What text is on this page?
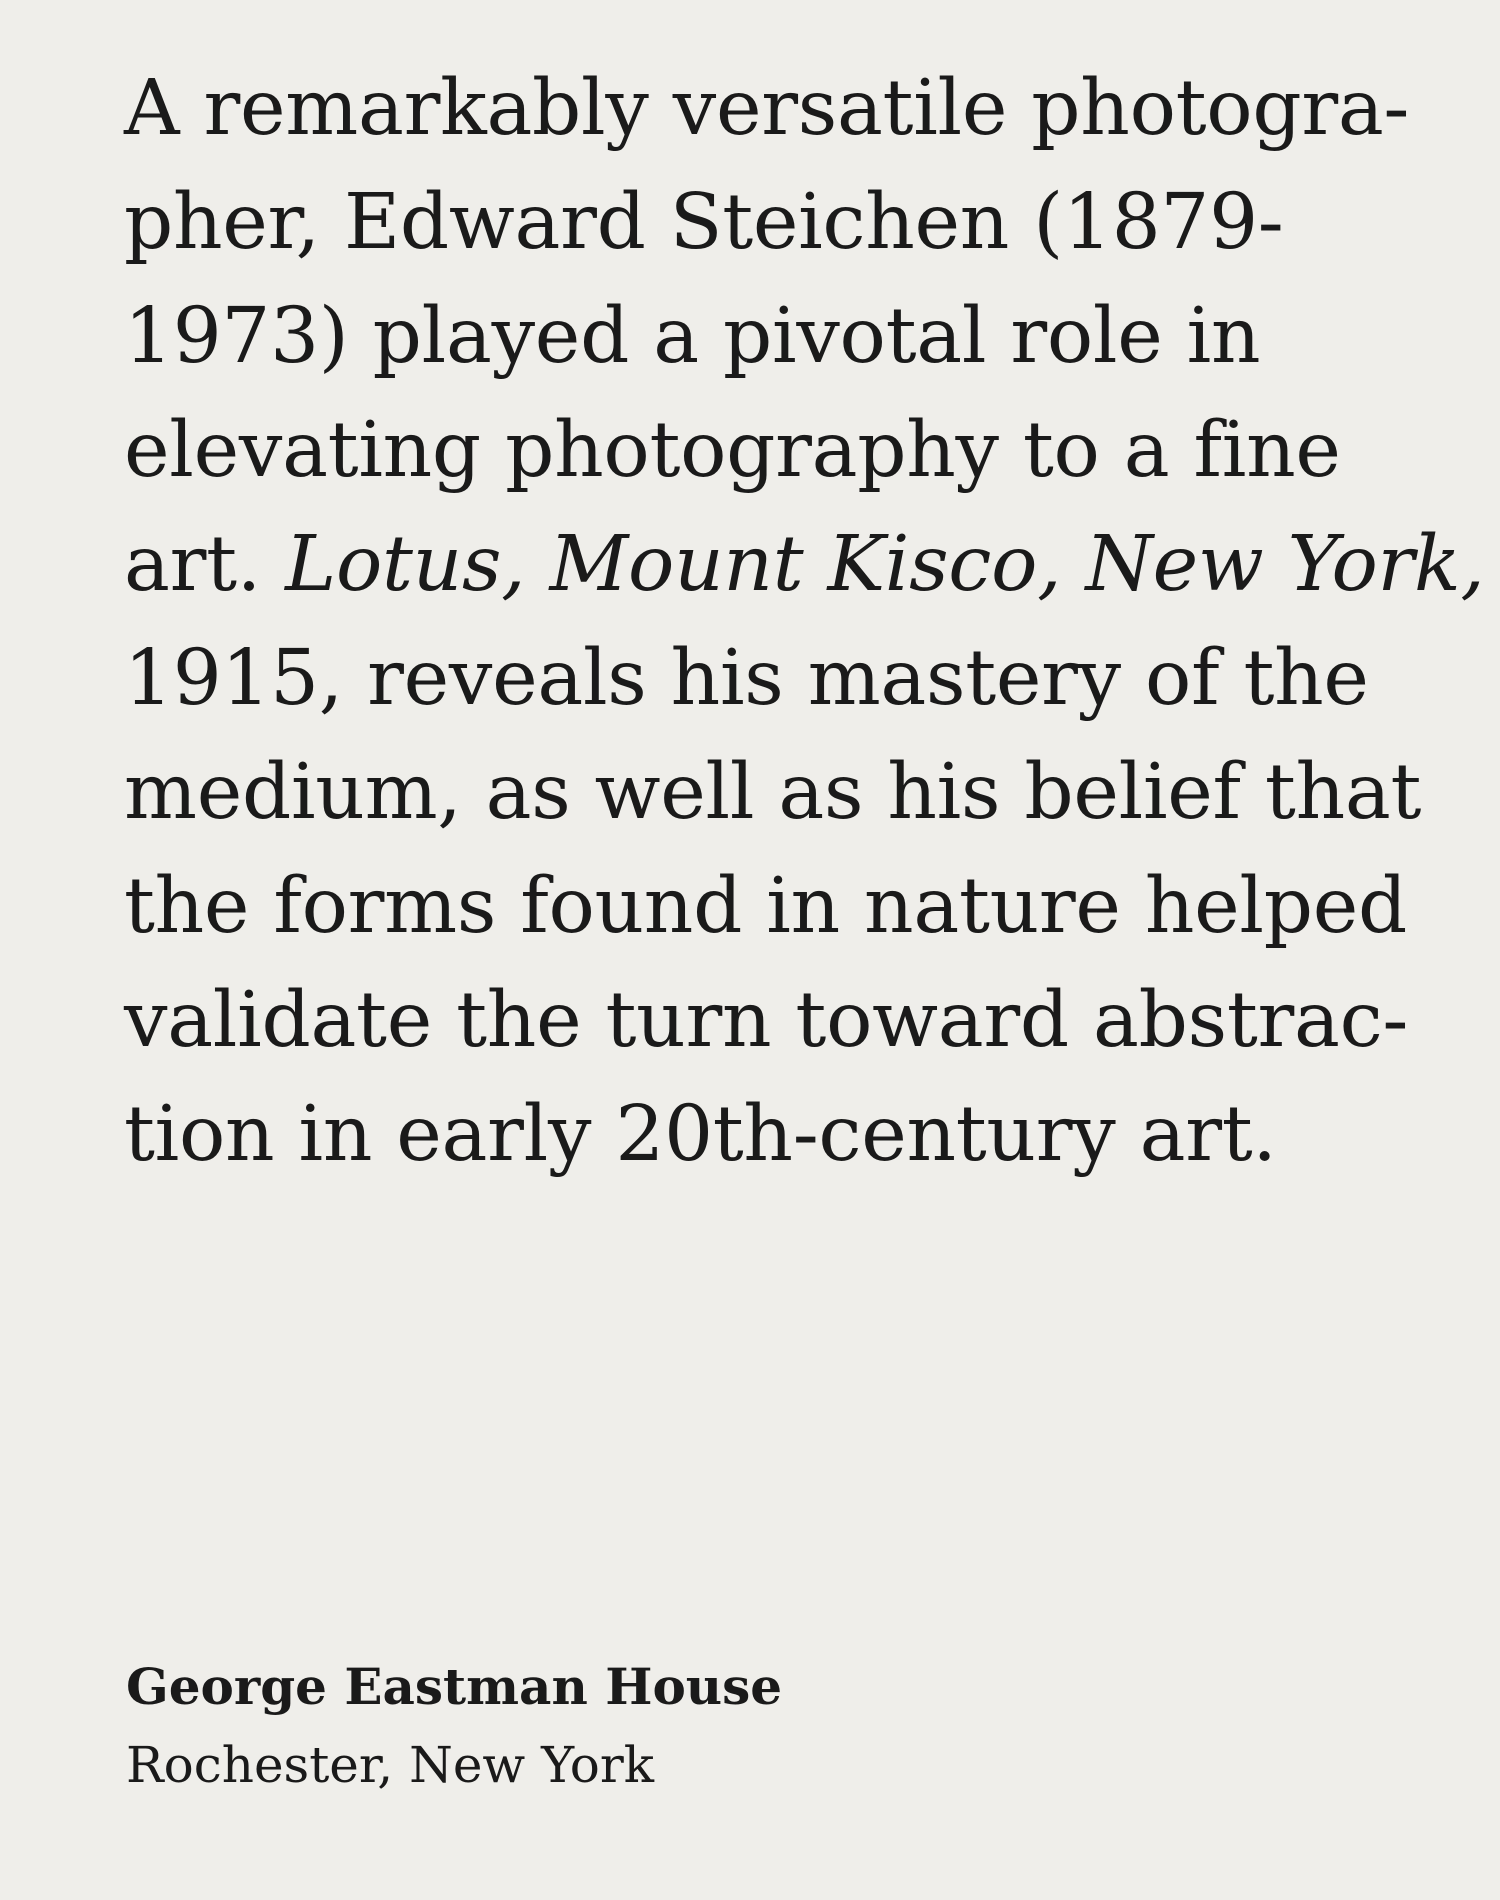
A remarkably versatile photogra-
pher, Edward Steichen (1879-
1973) played a pivotal role in
elevating photography to a fine
art. Lotus, Mount Kisco, New York,
1915, reveals his mastery of the
medium, as well as his belief that
the forms found in nature helped
validate the turn toward abstrac-
tion in early 20th-century art.

George Eastman House
Rochester, New York
